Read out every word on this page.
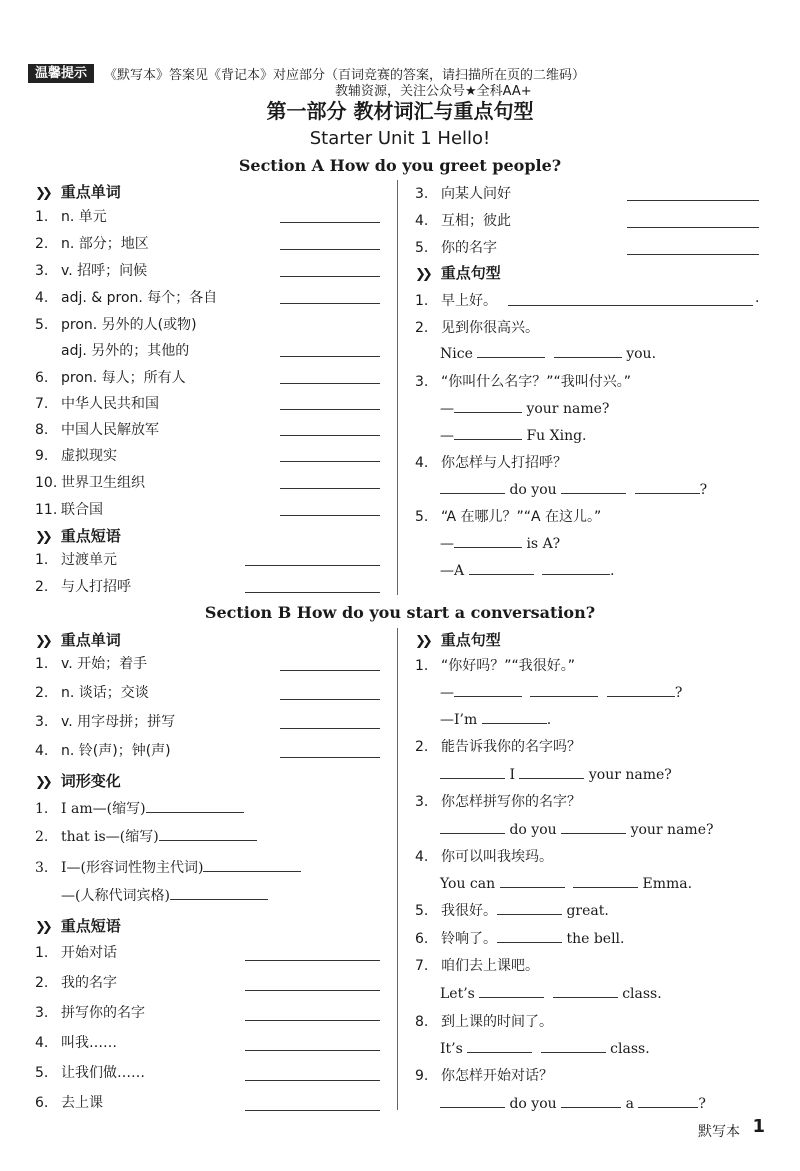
温馨提示	《默写本》答案见《背记本》对应部分（百词竞赛的答案，请扫描所在页的二维码）
教辅资源，关注公众号★全科AA+
第一部分 教材词汇与重点句型
Starter Unit 1 Hello!
Section A How do you greet people?
❯❯ 重点单词
1. n. 单元
2. n. 部分；地区
3. v. 招呼；问候
4. adj. & pron. 每个；各自
5. pron. 另外的人(或物)
adj. 另外的；其他的
6. pron. 每人；所有人
7. 中华人民共和国
8. 中国人民解放军
9. 虚拟现实
10. 世界卫生组织
11. 联合国
❯❯ 重点短语
1. 过渡单元
2. 与人打招呼
3. 向某人问好
4. 互相；彼此
5. 你的名字
❯❯ 重点句型
1. 早上好。	.
2. 见到你很高兴。
Nice	you.
3. “你叫什么名字？”“我叫付兴。”
—	your name?
—	Fu Xing.
4. 你怎样与人打招呼？
do you	?
5. “A 在哪儿？”“A 在这儿。”
—	is A?
—A	.
Section B How do you start a conversation?
❯❯ 重点单词
1. v. 开始；着手
2. n. 谈话；交谈
3. v. 用字母拼；拼写
4. n. 铃(声)；钟(声)
❯❯ 词形变化
1. I am—(缩写)
2. that is—(缩写)
3. I—(形容词性物主代词)
—(人称代词宾格)
❯❯ 重点短语
1. 开始对话
2. 我的名字
3. 拼写你的名字
4. 叫我……
5. 让我们做……
6. 去上课
❯❯ 重点句型
1. “你好吗？”“我很好。”
—	?
—I’m	.
2. 能告诉我你的名字吗？
I	your name?
3. 你怎样拼写你的名字？
do you	your name?
4. 你可以叫我埃玛。
You can	Emma.
5. 我很好。	great.
6. 铃响了。	the bell.
7. 咱们去上课吧。
Let’s	class.
8. 到上课的时间了。
It’s	class.
9. 你怎样开始对话？
do you	a	?
默写本 1
